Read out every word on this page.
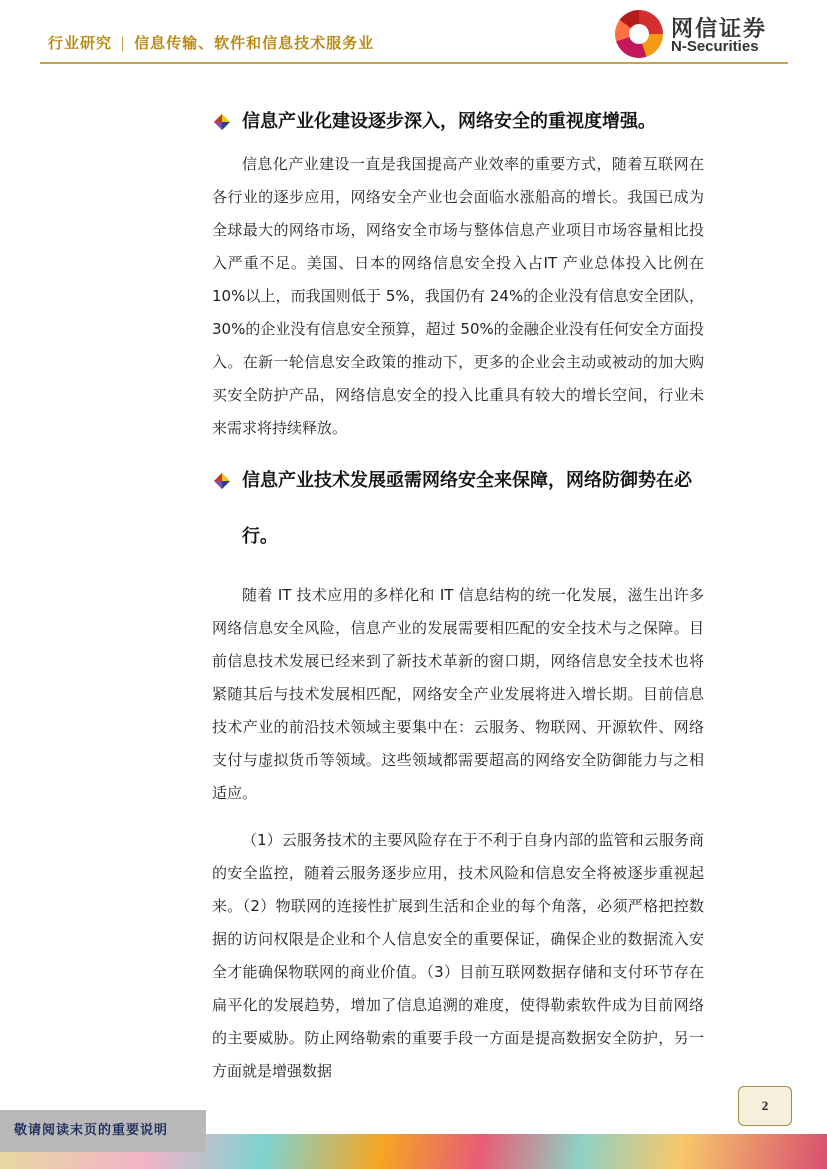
行业研究 | 信息传输、软件和信息技术服务业
网信证券
N-Securities
信息产业化建设逐步深入，网络安全的重视度增强。

信息化产业建设一直是我国提高产业效率的重要方式，随着互联网在各行业的逐步应用，网络安全产业也会面临水涨船高的增长。我国已成为全球最大的网络市场，网络安全市场与整体信息产业项目市场容量相比投入严重不足。美国、日本的网络信息安全投入占IT 产业总体投入比例在 10%以上，而我国则低于 5%，我国仍有 24%的企业没有信息安全团队，30%的企业没有信息安全预算，超过 50%的金融企业没有任何安全方面投入。在新一轮信息安全政策的推动下，更多的企业会主动或被动的加大购买安全防护产品，网络信息安全的投入比重具有较大的增长空间，行业未来需求将持续释放。

信息产业技术发展亟需网络安全来保障，网络防御势在必行。

随着 IT 技术应用的多样化和 IT 信息结构的统一化发展，滋生出许多网络信息安全风险，信息产业的发展需要相匹配的安全技术与之保障。目前信息技术发展已经来到了新技术革新的窗口期，网络信息安全技术也将紧随其后与技术发展相匹配，网络安全产业发展将进入增长期。目前信息技术产业的前沿技术领域主要集中在：云服务、物联网、开源软件、网络支付与虚拟货币等领域。这些领域都需要超高的网络安全防御能力与之相适应。

（1）云服务技术的主要风险存在于不利于自身内部的监管和云服务商的安全监控，随着云服务逐步应用，技术风险和信息安全将被逐步重视起来。（2）物联网的连接性扩展到生活和企业的每个角落，必须严格把控数据的访问权限是企业和个人信息安全的重要保证，确保企业的数据流入安全才能确保物联网的商业价值。（3）目前互联网数据存储和支付环节存在扁平化的发展趋势，增加了信息追溯的难度，使得勒索软件成为目前网络的主要威胁。防止网络勒索的重要手段一方面是提高数据安全防护，另一方面就是增强数据

2
敬请阅读末页的重要说明
